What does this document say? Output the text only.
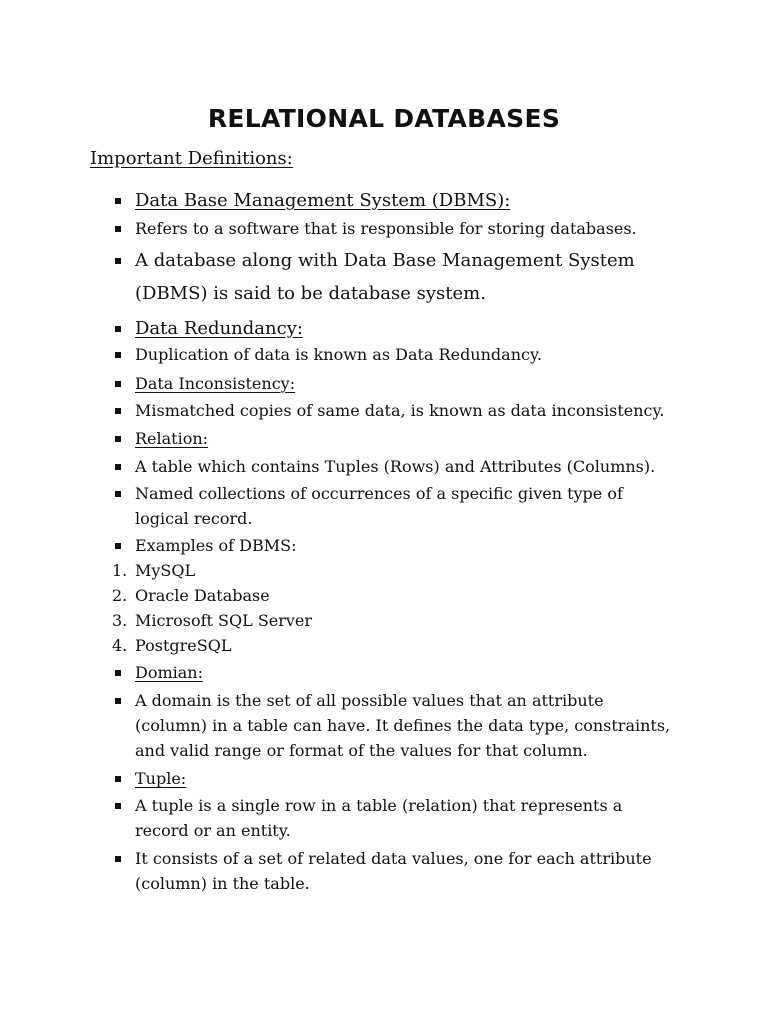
RELATIONAL DATABASES
Important Definitions:
Data Base Management System (DBMS):
Refers to a software that is responsible for storing databases.
A database along with Data Base Management System (DBMS) is said to be database system.
Data Redundancy:
Duplication of data is known as Data Redundancy.
Data Inconsistency:
Mismatched copies of same data, is known as data inconsistency.
Relation:
A table which contains Tuples (Rows) and Attributes (Columns).
Named collections of occurrences of a specific given type of logical record.
Examples of DBMS:
1. MySQL
2. Oracle Database
3. Microsoft SQL Server
4. PostgreSQL
Domian:
A domain is the set of all possible values that an attribute (column) in a table can have. It defines the data type, constraints, and valid range or format of the values for that column.
Tuple:
A tuple is a single row in a table (relation) that represents a record or an entity.
It consists of a set of related data values, one for each attribute (column) in the table.
